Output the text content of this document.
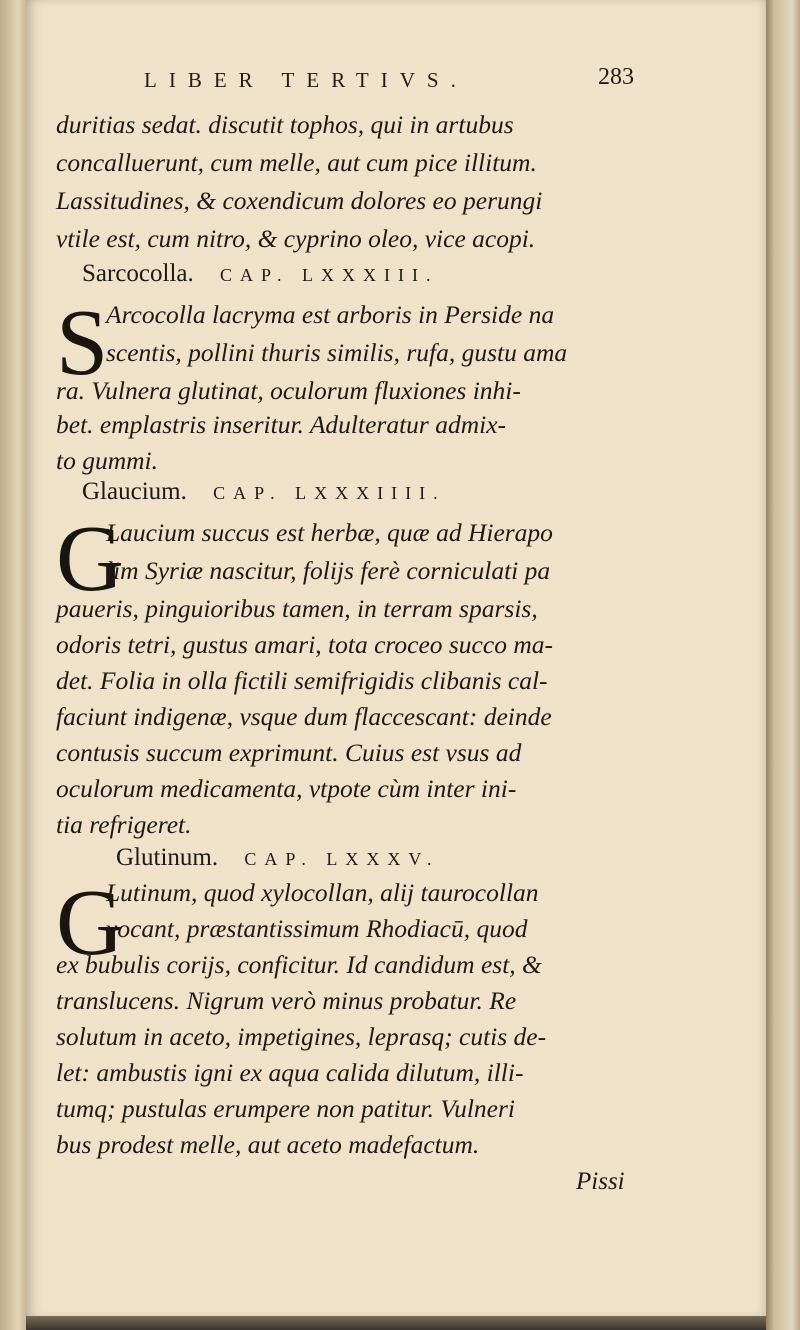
LIBER TERTIVS.	283
duritias sedat. discutit tophos, qui in artubus
concalluerunt, cum melle, aut cum pice illitum.
Lassitudines, & coxendicum dolores eo perungi
vtile est, cum nitro, & cyprino oleo, vice acopi.
Sarcocolla. CAP. LXXXIII.
S
Arcocolla lacryma est arboris in Perside na
scentis, pollini thuris similis, rufa, gustu ama
ra. Vulnera glutinat, oculorum fluxiones inhi-
bet. emplastris inseritur. Adulteratur admix-
to gummi.
Glaucium. CAP. LXXXIIII.
G
Laucium succus est herbæ, quæ ad Hierapo
lim Syriæ nascitur, folijs ferè corniculati pa
paueris, pinguioribus tamen, in terram sparsis,
odoris tetri, gustus amari, tota croceo succo ma-
det. Folia in olla fictili semifrigidis clibanis cal-
faciunt indigenæ, vsque dum flaccescant: deinde
contusis succum exprimunt. Cuius est vsus ad
oculorum medicamenta, vtpote cùm inter ini-
tia refrigeret.
Glutinum. CAP. LXXXV.
G
Lutinum, quod xylocollan, alij taurocollan
vocant, præstantissimum Rhodiacū, quod
ex bubulis corijs, conficitur. Id candidum est, &
translucens. Nigrum verò minus probatur. Re
solutum in aceto, impetigines, leprasq; cutis de-
let: ambustis igni ex aqua calida dilutum, illi-
tumq; pustulas erumpere non patitur. Vulneri
bus prodest melle, aut aceto madefactum.
Pissi
